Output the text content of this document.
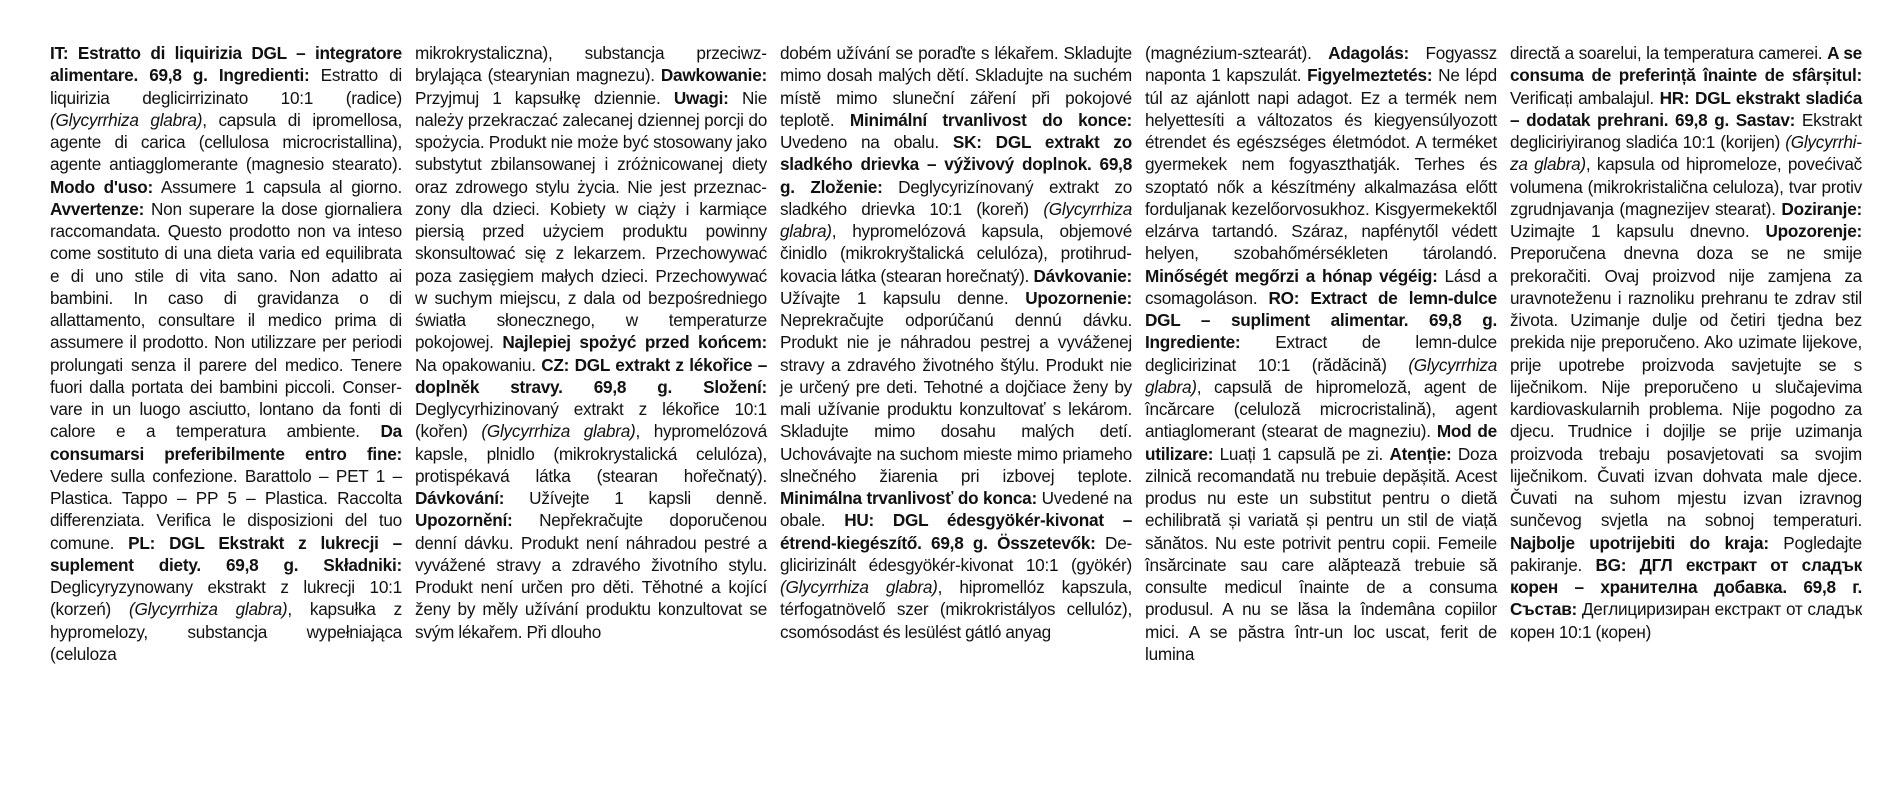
IT: Estratto di liquirizia DGL – integratore alimentare. 69,8 g. Ingredienti: Estratto di liquirizia deglicirrizinato 10:1 (radice) (Glycyrrhiza glabra), capsula di ipromellosa, agente di carica (cellulosa microcristallina), agente antiagglomerante (magnesio stearato). Modo d'uso: Assumere 1 capsula al giorno. Avvertenze: Non superare la dose giornaliera raccomandata. Questo prodotto non va inteso come sostituto di una dieta varia ed equilibrata e di uno stile di vita sano. Non adatto ai bambini. In caso di gravidanza o di allattamento, consultare il medico prima di assumere il prodotto. Non utilizzare per periodi prolungati senza il parere del medico. Tenere fuori dalla portata dei bambini piccoli. Conservare in un luogo asciutto, lontano da fonti di calore e a temperatura ambiente. Da consumarsi preferibilmente entro fine: Vedere sulla confezione. Barattolo – PET 1 – Plastica. Tappo – PP 5 – Plastica. Raccolta differenziata. Verifica le disposizioni del tuo comune. PL: DGL Ekstrakt z lukrecji – suplement diety. 69,8 g. Składniki: Deglicyryzynowany ekstrakt z lukrecji 10:1 (korzeń) (Glycyrrhiza glabra), kapsułka z hypromelozy, substancja wypełniająca (celuloza

mikrokrystaliczna), substancja przeciwzbrylająca (stearynian magnezu). Dawkowanie: Przyjmuj 1 kapsułkę dziennie. Uwagi: Nie należy przekraczać zalecanej dziennej porcji do spożycia. Produkt nie może być stosowany jako substytut zbilansowanej i zróżnicowanej diety oraz zdrowego stylu życia. Nie jest przeznaczony dla dzieci. Kobiety w ciąży i karmiące piersią przed użyciem produktu powinny skonsultować się z lekarzem. Przechowywać poza zasięgiem małych dzieci. Przechowywać w suchym miejscu, z dala od bezpośredniego światła słonecznego, w temperaturze pokojowej. Najlepiej spożyć przed końcem: Na opakowaniu. CZ: DGL extrakt z lékořice – doplněk stravy. 69,8 g. Složení: Deglycyrhizinovaný extrakt z lékořice 10:1 (kořen) (Glycyrrhiza glabra), hypromelózová kapsle, plnidlo (mikrokrystalická celulóza), protispékavá látka (stearan hořečnatý). Dávkování: Užívejte 1 kapsli denně. Upozornění: Nepřekračujte doporučenou denní dávku. Produkt není náhradou pestré a vyvážené stravy a zdravého životního stylu. Produkt není určen pro děti. Těhotné a kojící ženy by měly užívání produktu konzultovat se svým lékařem. Při dlouho

dobém užívání se poraďte s lékařem. Skladujte mimo dosah malých dětí. Skladujte na suchém místě mimo sluneční záření při pokojové teplotě. Minimální trvanlivost do konce: Uvedeno na obalu. SK: DGL extrakt zo sladkého drievka – výživový doplnok. 69,8 g. Zloženie: Deglycyrizínovaný extrakt zo sladkého drievka 10:1 (koreň) (Glycyrrhiza glabra), hypromelózová kapsula, objemové činidlo (mikrokryštalická celulóza), protihrudkovacia látka (stearan horečnatý). Dávkovanie: Užívajte 1 kapsulu denne. Upozornenie: Neprekračujte odporúčanú dennú dávku. Produkt nie je náhradou pestrej a vyváženej stravy a zdravého životného štýlu. Produkt nie je určený pre deti. Tehotné a dojčiace ženy by mali užívanie produktu konzultovať s lekárom. Skladujte mimo dosahu malých detí. Uchovávajte na suchom mieste mimo priameho slnečného žiarenia pri izbovej teplote. Minimálna trvanlivosť do konca: Uvedené na obale. HU: DGL édesgyökér-kivonat – étrend-kiegészítő. 69,8 g. Összetevők: De-glicirizinált édesgyökér-kivonat 10:1 (gyökér) (Glycyrrhiza glabra), hipromellóz kapszula, térfogatnövelő szer (mikrokristályos cellulóz), csomósodást és lesülést gátló anyag

(magnézium-sztearát). Adagolás: Fogyassz naponta 1 kapszulát. Figyelmeztetés: Ne lépd túl az ajánlott napi adagot. Ez a termék nem helyettesíti a változatos és kiegyensúlyozott étrendet és egészséges életmódot. A terméket gyermekek nem fogyaszthatják. Terhes és szoptató nők a készítmény alkalmazása előtt forduljanak kezelőorvosukhoz. Kisgyermekektől elzárva tartandó. Száraz, napfénytől védett helyen, szobahőmérsékleten tárolandó. Minőségét megőrzi a hónap végéig: Lásd a csomagoláson. RO: Extract de lemn-dulce DGL – supliment alimentar. 69,8 g. Ingrediente: Extract de lemn-dulce deglicirizinat 10:1 (rădăcină) (Glycyrrhiza glabra), capsulă de hipromeloză, agent de încărcare (celuloză microcristalină), agent antiaglomerant (stearat de magneziu). Mod de utilizare: Luați 1 capsulă pe zi. Atenție: Doza zilnică recomandată nu trebuie depășită. Acest produs nu este un substitut pentru o dietă echilibrată și variată și pentru un stil de viață sănătos. Nu este potrivit pentru copii. Femeile însărcinate sau care alăptează trebuie să consulte medicul înainte de a consuma produsul. A nu se lăsa la îndemâna copiilor mici. A se păstra într-un loc uscat, ferit de lumina

directă a soarelui, la temperatura camerei. A se consuma de preferință înainte de sfârșitul: Verificați ambalajul. HR: DGL ekstrakt sladića – dodatak prehrani. 69,8 g. Sastav: Ekstrakt degliciriyiranog sladića 10:1 (korijen) (Glycyrrhiza glabra), kapsula od hipromeloze, povećivač volumena (mikrokristalična celuloza), tvar protiv zgrudnjavanja (magnezijev stearat). Doziranje: Uzimajte 1 kapsulu dnevno. Upozorenje: Preporučena dnevna doza se ne smije prekoračiti. Ovaj proizvod nije zamjena za uravnoteženu i raznoliku prehranu te zdrav stil života. Uzimanje dulje od četiri tjedna bez prekida nije preporučeno. Ako uzimate lijekove, prije upotrebe proizvoda savjetujte se s liječnikom. Nije preporučeno u slučajevima kardiovaskularnih problema. Nije pogodno za djecu. Trudnice i dojilje se prije uzimanja proizvoda trebaju posavjetovati sa svojim liječnikom. Čuvati izvan dohvata male djece. Čuvati na suhom mjestu izvan izravnog sunčevog svjetla na sobnoj temperaturi. Najbolje upotrijebiti do kraja: Pogledajte pakiranje. BG: ДГЛ екстракт от сладък корен – хранителна добавка. 69,8 г. Състав: Деглициризиран екстракт от сладък корен 10:1 (корен)
